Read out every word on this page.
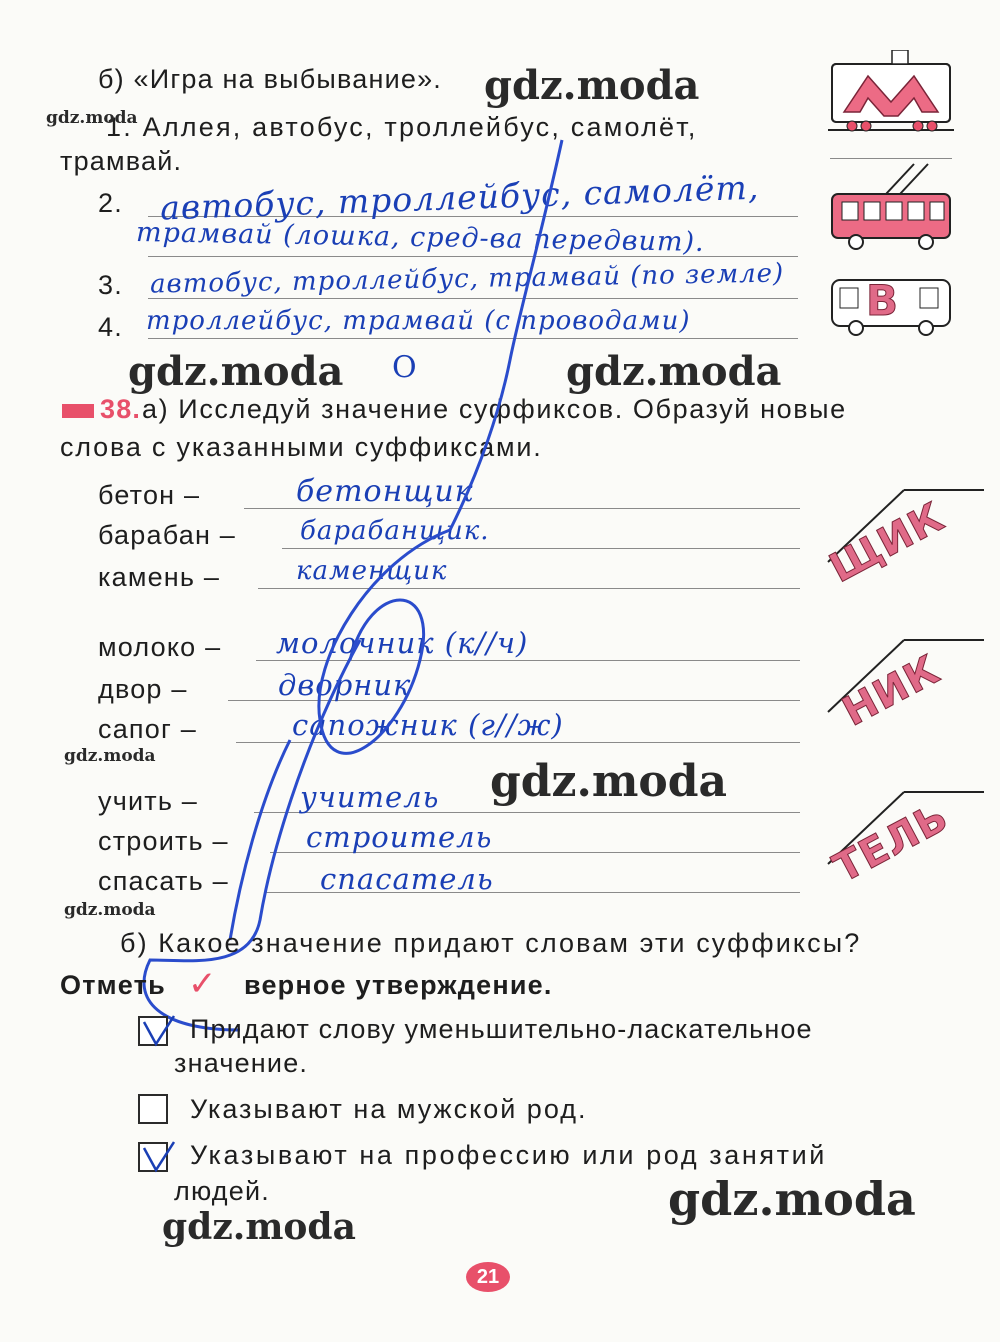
б) «Игра на выбывание».
1. Аллея, автобус, троллейбус, самолёт,
трамвай.
2.
3.
4.
автобус, троллейбус, самолёт,
трамвай (лошка, сред-ва передвит).
автобус, троллейбус, трамвай (по земле)
троллейбус, трамвай (с проводами)
О
В
38. а) Исследуй значение суффиксов. Образуй новые
слова с указанными суффиксами.
бетон –	бетонщик
барабан – барабанщик.
камень –	каменщик
молоко – молочник (к//ч)
двор –	дворник
сапог –	сапожник (г//ж)
учить –	учитель
строить –	строитель
спасать –	спасатель
ЩИК
НИК
ТЕЛЬ
б) Какое значение придают словам эти суффиксы?
Отметь ✓ верное утверждение.
Придают слову уменьшительно-ласкательное
значение.
Указывают на мужской род.
Указывают на профессию или род занятий
людей.
21
gdz.moda
gdz.moda
gdz.moda	gdz.moda
gdz.moda	gdz.moda
gdz.moda
gdz.moda
gdz.moda
